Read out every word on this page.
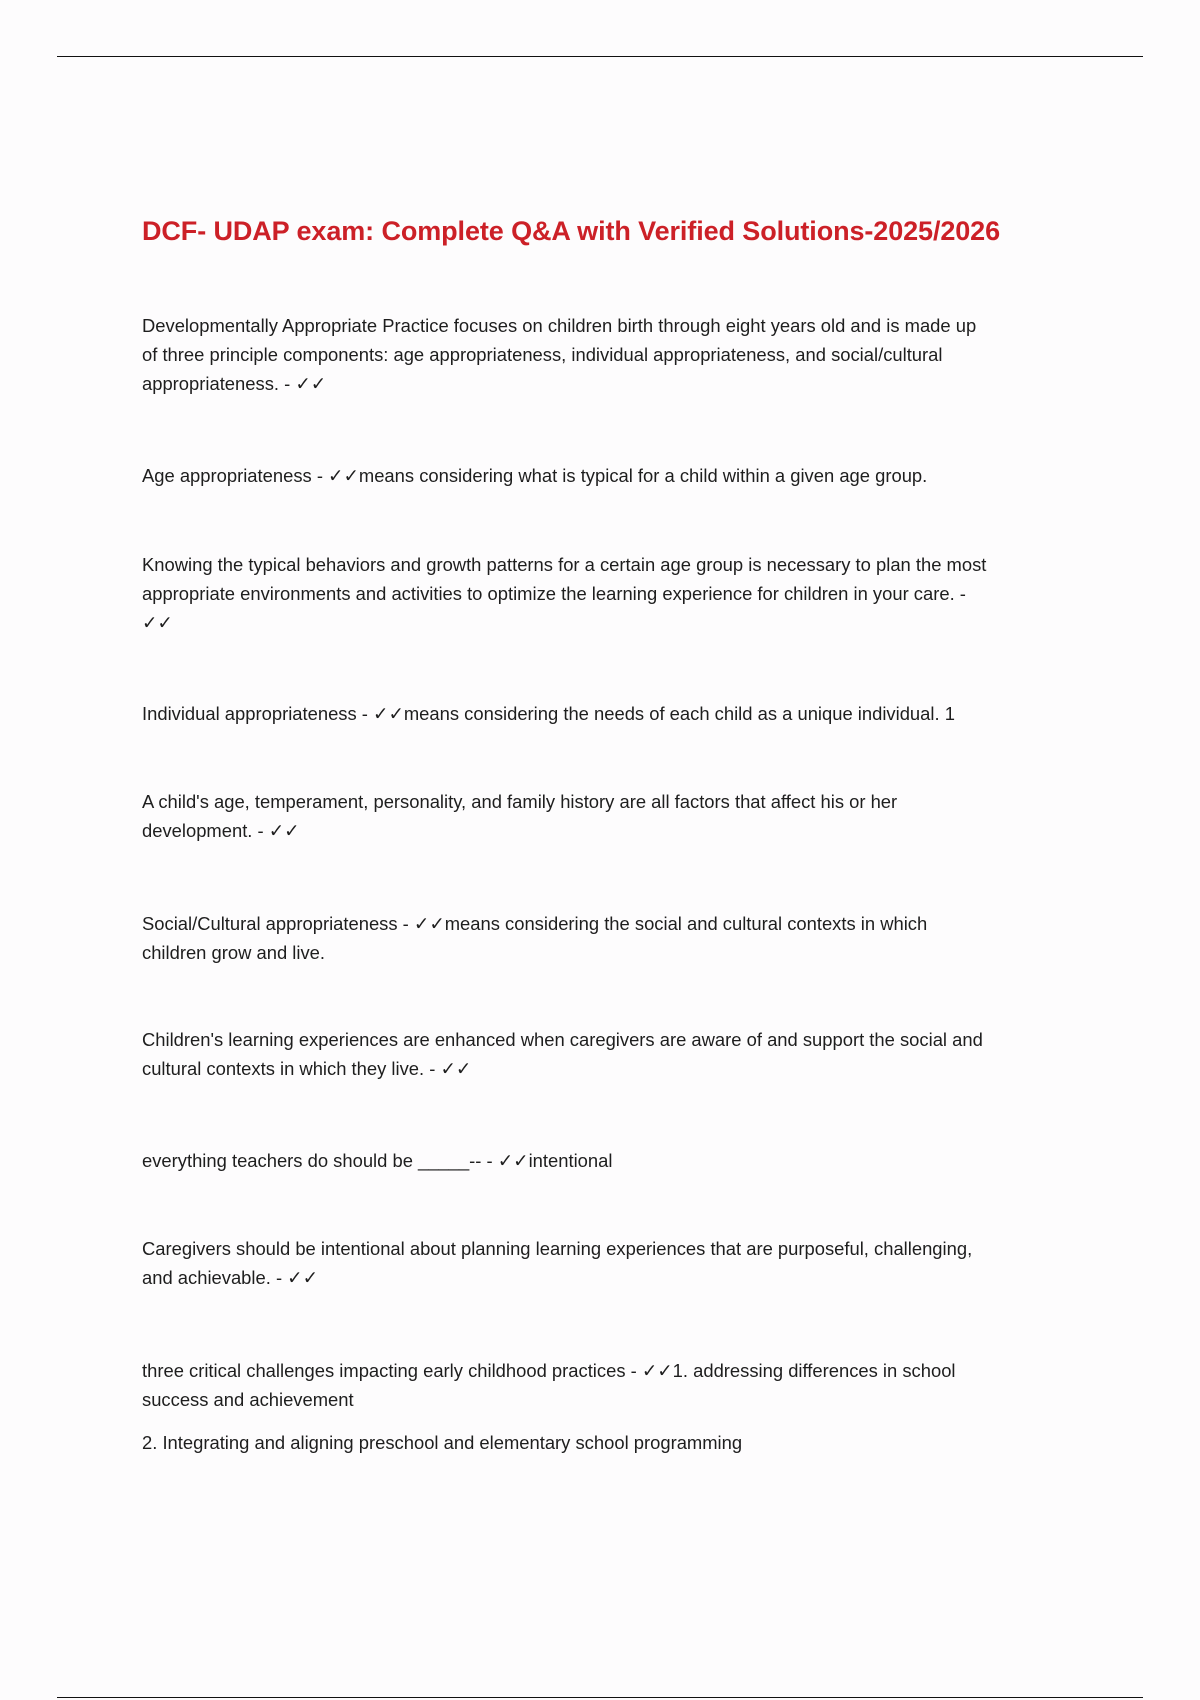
DCF- UDAP exam: Complete Q&A with Verified Solutions-2025/2026

Developmentally Appropriate Practice focuses on children birth through eight years old and is made up
of three principle components: age appropriateness, individual appropriateness, and social/cultural
appropriateness. - ✓✓

Age appropriateness - ✓✓means considering what is typical for a child within a given age group.

Knowing the typical behaviors and growth patterns for a certain age group is necessary to plan the most
appropriate environments and activities to optimize the learning experience for children in your care. -
✓✓

Individual appropriateness - ✓✓means considering the needs of each child as a unique individual. 1

A child's age, temperament, personality, and family history are all factors that affect his or her
development. - ✓✓

Social/Cultural appropriateness - ✓✓means considering the social and cultural contexts in which
children grow and live.

Children's learning experiences are enhanced when caregivers are aware of and support the social and
cultural contexts in which they live. - ✓✓

everything teachers do should be _____-- - ✓✓intentional

Caregivers should be intentional about planning learning experiences that are purposeful, challenging,
and achievable. - ✓✓

three critical challenges impacting early childhood practices - ✓✓1. addressing differences in school
success and achievement

2. Integrating and aligning preschool and elementary school programming
